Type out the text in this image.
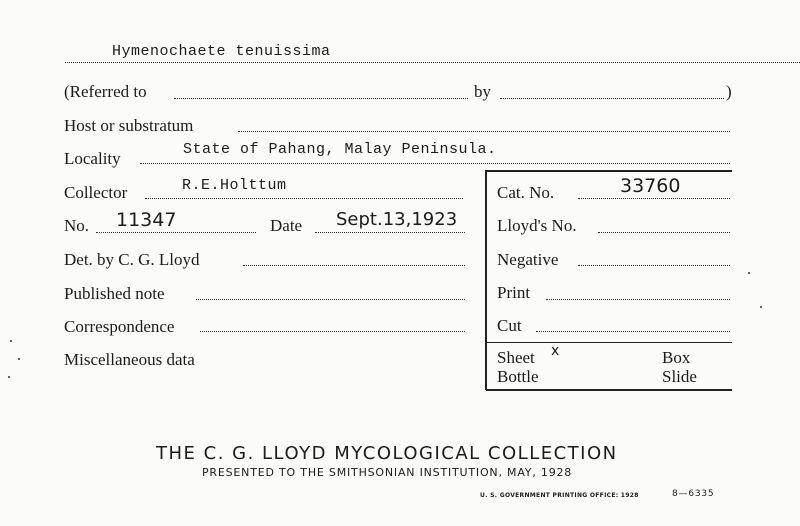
Hymenochaete tenuissima
(Referred to	by	)
Host or substratum
Locality	State of Pahang, Malay Peninsula.
Collector	R.E.Holttum
No. 11347	Date Sept.13,1923
Det. by C. G. Lloyd
Published note
Correspondence
Miscellaneous data
Cat. No.	33760
Lloyd's No.
Negative
Print
Cut
Sheet x	Box
Bottle	Slide
THE C. G. LLOYD MYCOLOGICAL COLLECTION
PRESENTED TO THE SMITHSONIAN INSTITUTION, MAY, 1928
U. S. GOVERNMENT PRINTING OFFICE: 1928	8—6335
